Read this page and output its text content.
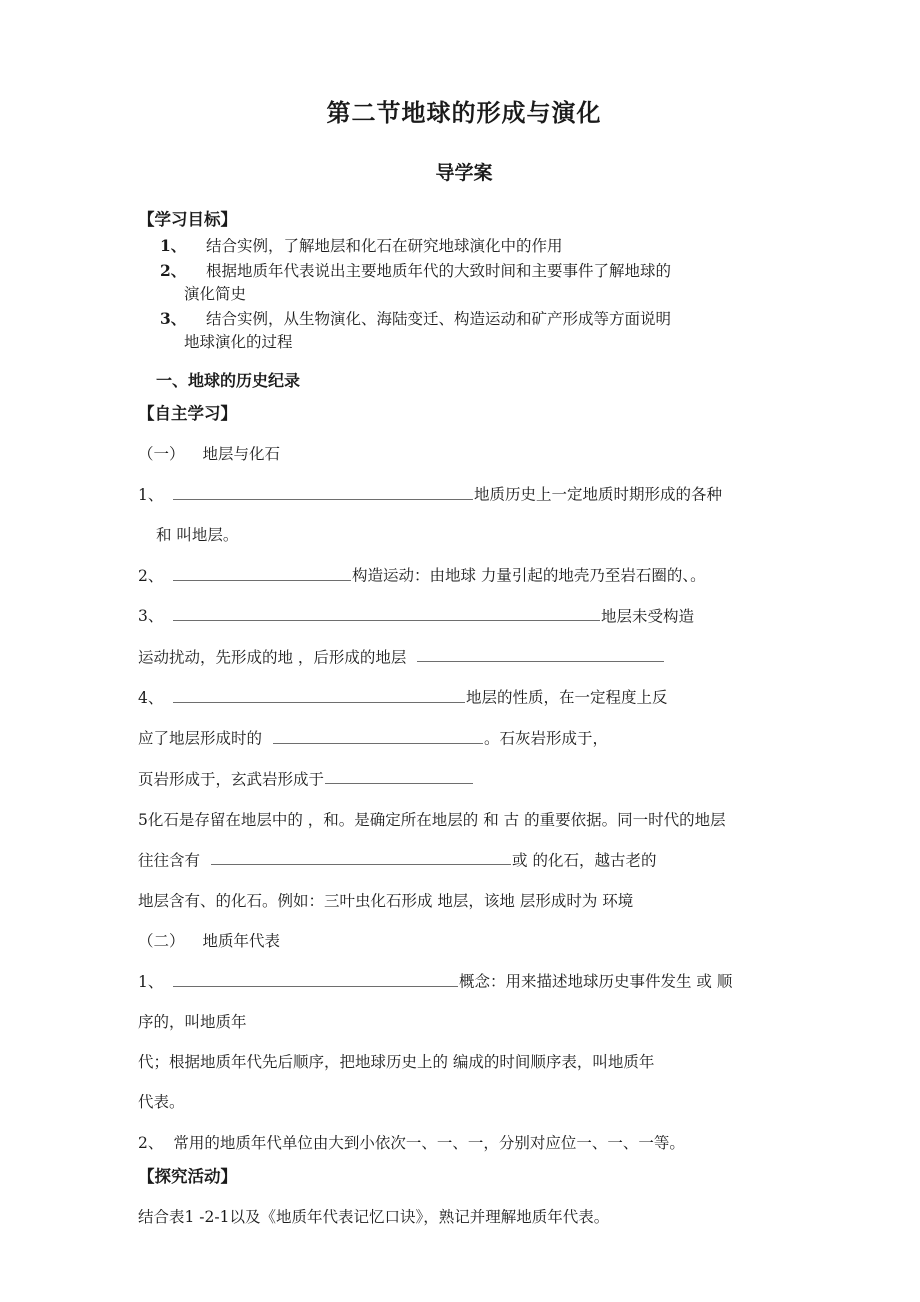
第二节地球的形成与演化
导学案
【学习目标】
1、 结合实例，了解地层和化石在研究地球演化中的作用
2、 根据地质年代表说出主要地质年代的大致时间和主要事件了解地球的
演化简史
3、 结合实例，从生物演化、海陆变迁、构造运动和矿产形成等方面说明
地球演化的过程
一、地球的历史纪录
【自主学习】
（一） 地层与化石
1、	地质历史上一定地质时期形成的各种
和 叫地层。
2、	构造运动：由地球 力量引起的地壳乃至岩石圈的、。
3、	地层未受构造
运动扰动，先形成的地 ，后形成的地层
4、	地层的性质，在一定程度上反
应了地层形成时的	。石灰岩形成于，
页岩形成于，玄武岩形成于
5化石是存留在地层中的 ，和。是确定所在地层的 和 古 的重要依据。同一时代的地层
往往含有	或 的化石，越古老的
地层含有、的化石。例如：三叶虫化石形成 地层，该地 层形成时为 环境
（二） 地质年代表
1、	概念：用来描述地球历史事件发生 或 顺
序的，叫地质年
代；根据地质年代先后顺序，把地球历史上的 编成的时间顺序表，叫地质年
代表。
2、 常用的地质年代单位由大到小依次一、一、一，分别对应位一、一、一等。
【探究活动】
结合表1 -2-1以及《地质年代表记忆口诀》，熟记并理解地质年代表。
